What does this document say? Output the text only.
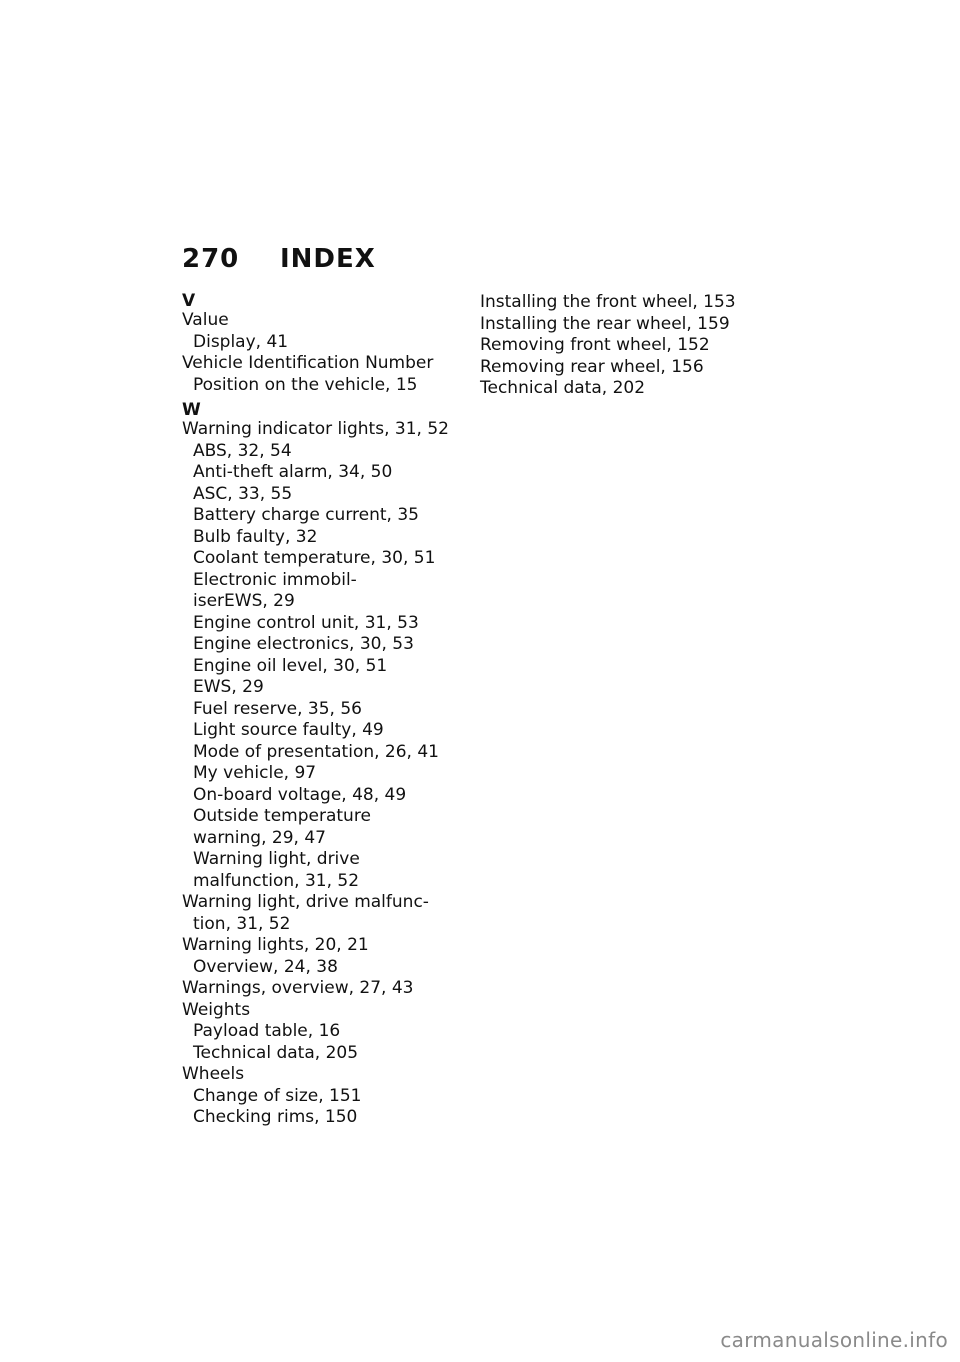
270 INDEX
V
Value
Display, 41
Vehicle Identification Number
Position on the vehicle, 15
W
Warning indicator lights, 31, 52
ABS, 32, 54
Anti-theft alarm, 34, 50
ASC, 33, 55
Battery charge current, 35
Bulb faulty, 32
Coolant temperature, 30, 51
Electronic immobil-
iserEWS, 29
Engine control unit, 31, 53
Engine electronics, 30, 53
Engine oil level, 30, 51
EWS, 29
Fuel reserve, 35, 56
Light source faulty, 49
Mode of presentation, 26, 41
My vehicle, 97
On-board voltage, 48, 49
Outside temperature
warning, 29, 47
Warning light, drive
malfunction, 31, 52
Warning light, drive malfunc-
tion, 31, 52
Warning lights, 20, 21
Overview, 24, 38
Warnings, overview, 27, 43
Weights
Payload table, 16
Technical data, 205
Wheels
Change of size, 151
Checking rims, 150
Installing the front wheel, 153
Installing the rear wheel, 159
Removing front wheel, 152
Removing rear wheel, 156
Technical data, 202
carmanualsonline.info
